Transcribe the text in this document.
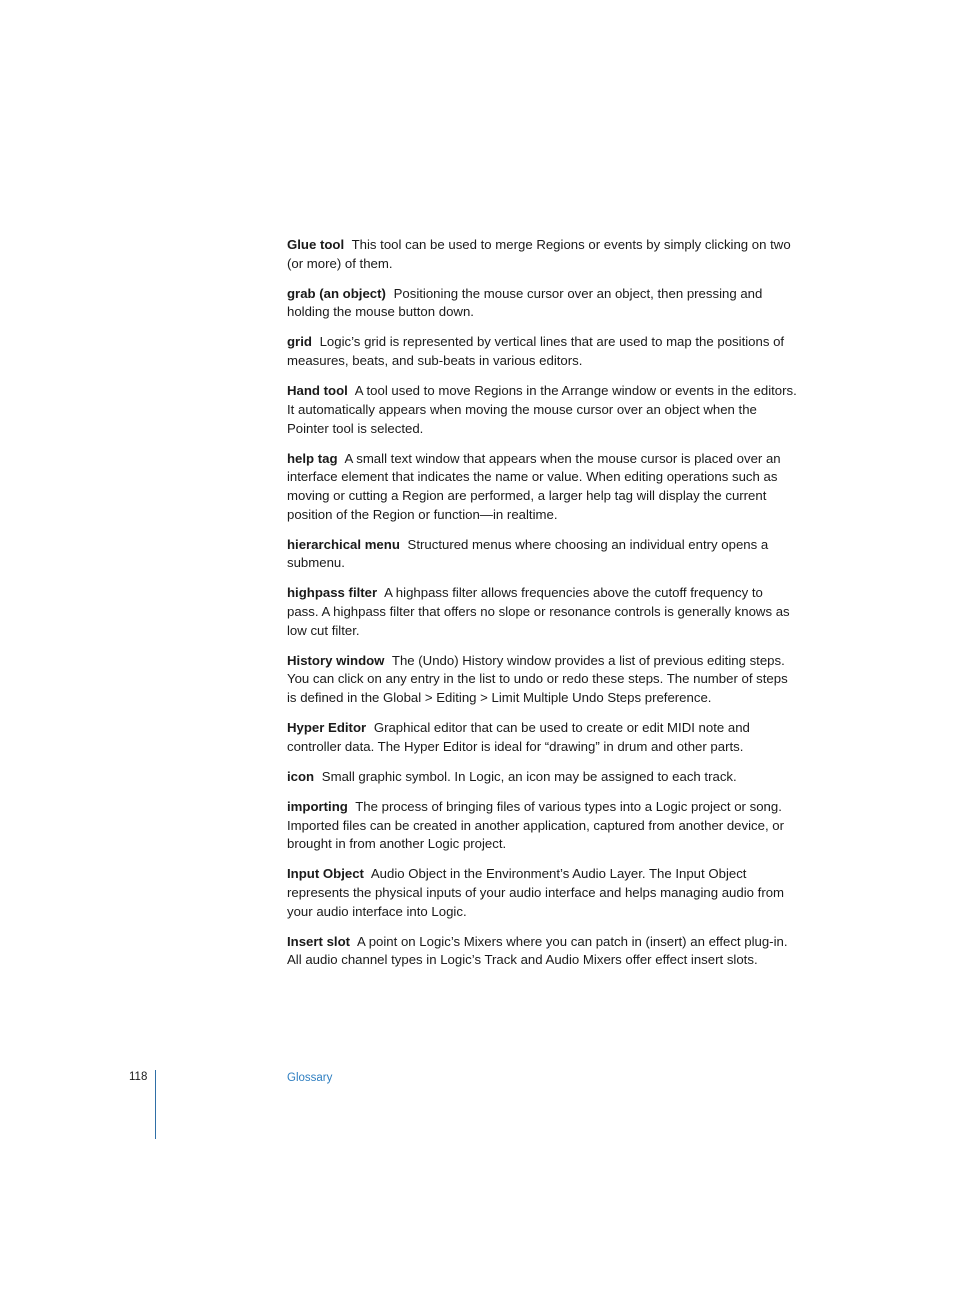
Glue tool This tool can be used to merge Regions or events by simply clicking on two (or more) of them.

grab (an object) Positioning the mouse cursor over an object, then pressing and holding the mouse button down.

grid Logic’s grid is represented by vertical lines that are used to map the positions of measures, beats, and sub-beats in various editors.

Hand tool A tool used to move Regions in the Arrange window or events in the editors. It automatically appears when moving the mouse cursor over an object when the Pointer tool is selected.

help tag A small text window that appears when the mouse cursor is placed over an interface element that indicates the name or value. When editing operations such as moving or cutting a Region are performed, a larger help tag will display the current position of the Region or function—in realtime.

hierarchical menu Structured menus where choosing an individual entry opens a submenu.

highpass filter A highpass filter allows frequencies above the cutoff frequency to pass. A highpass filter that offers no slope or resonance controls is generally knows as low cut filter.

History window The (Undo) History window provides a list of previous editing steps. You can click on any entry in the list to undo or redo these steps. The number of steps is defined in the Global > Editing > Limit Multiple Undo Steps preference.

Hyper Editor Graphical editor that can be used to create or edit MIDI note and controller data. The Hyper Editor is ideal for “drawing” in drum and other parts.

icon Small graphic symbol. In Logic, an icon may be assigned to each track.

importing The process of bringing files of various types into a Logic project or song. Imported files can be created in another application, captured from another device, or brought in from another Logic project.

Input Object Audio Object in the Environment’s Audio Layer. The Input Object represents the physical inputs of your audio interface and helps managing audio from your audio interface into Logic.

Insert slot A point on Logic’s Mixers where you can patch in (insert) an effect plug-in. All audio channel types in Logic’s Track and Audio Mixers offer effect insert slots.

118	Glossary
